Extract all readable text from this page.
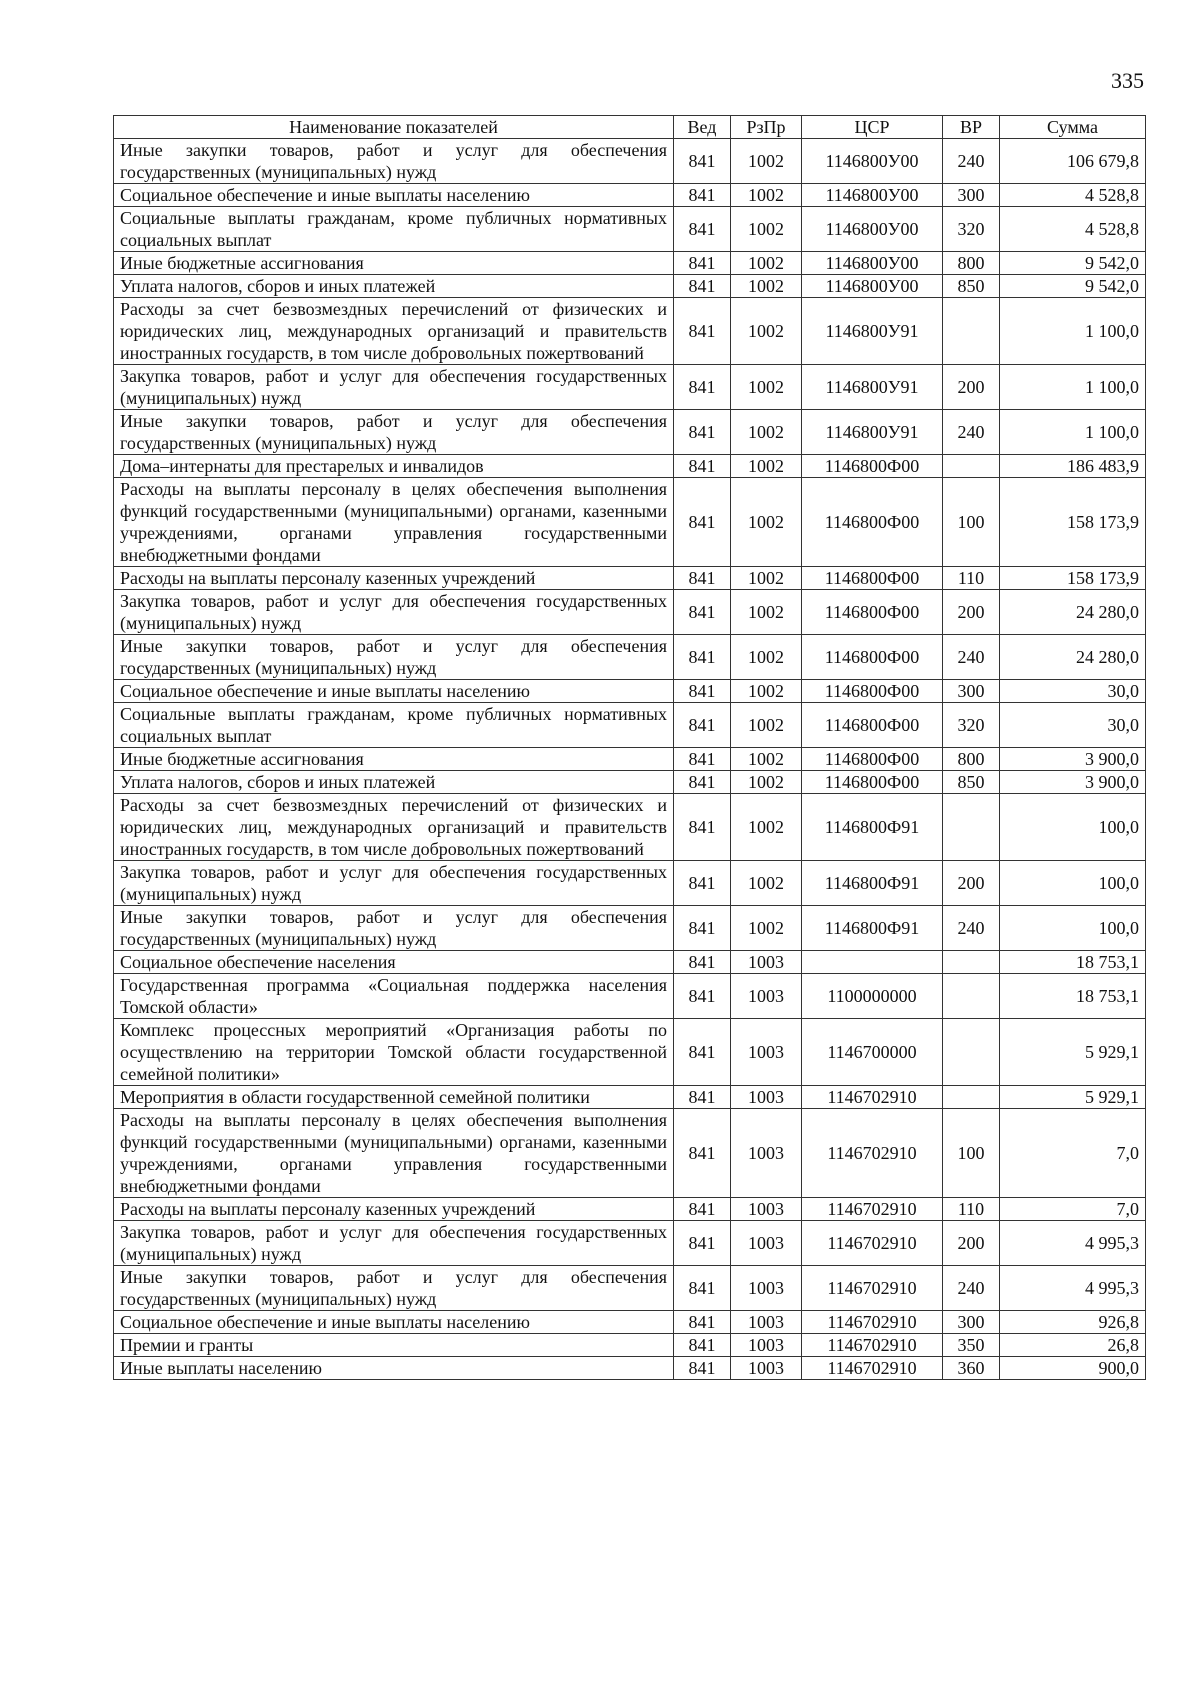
335
Наименование показателей	Вед	РзПр	ЦСР	ВР	Сумма
Иные закупки товаров, работ и услуг для обеспечения государственных (муниципальных) нужд	841	1002	1146800У00	240	106 679,8
Социальное обеспечение и иные выплаты населению	841	1002	1146800У00	300	4 528,8
Социальные выплаты гражданам, кроме публичных нормативных социальных выплат	841	1002	1146800У00	320	4 528,8
Иные бюджетные ассигнования	841	1002	1146800У00	800	9 542,0
Уплата налогов, сборов и иных платежей	841	1002	1146800У00	850	9 542,0
Расходы за счет безвозмездных перечислений от физических и юридических лиц, международных организаций и правительств иностранных государств, в том числе добровольных пожертвований	841	1002	1146800У91		1 100,0
Закупка товаров, работ и услуг для обеспечения государственных (муниципальных) нужд	841	1002	1146800У91	200	1 100,0
Иные закупки товаров, работ и услуг для обеспечения государственных (муниципальных) нужд	841	1002	1146800У91	240	1 100,0
Дома–интернаты для престарелых и инвалидов	841	1002	1146800Ф00		186 483,9
Расходы на выплаты персоналу в целях обеспечения выполнения функций государственными (муниципальными) органами, казенными учреждениями, органами управления государственными внебюджетными фондами	841	1002	1146800Ф00	100	158 173,9
Расходы на выплаты персоналу казенных учреждений	841	1002	1146800Ф00	110	158 173,9
Закупка товаров, работ и услуг для обеспечения государственных (муниципальных) нужд	841	1002	1146800Ф00	200	24 280,0
Иные закупки товаров, работ и услуг для обеспечения государственных (муниципальных) нужд	841	1002	1146800Ф00	240	24 280,0
Социальное обеспечение и иные выплаты населению	841	1002	1146800Ф00	300	30,0
Социальные выплаты гражданам, кроме публичных нормативных социальных выплат	841	1002	1146800Ф00	320	30,0
Иные бюджетные ассигнования	841	1002	1146800Ф00	800	3 900,0
Уплата налогов, сборов и иных платежей	841	1002	1146800Ф00	850	3 900,0
Расходы за счет безвозмездных перечислений от физических и юридических лиц, международных организаций и правительств иностранных государств, в том числе добровольных пожертвований	841	1002	1146800Ф91		100,0
Закупка товаров, работ и услуг для обеспечения государственных (муниципальных) нужд	841	1002	1146800Ф91	200	100,0
Иные закупки товаров, работ и услуг для обеспечения государственных (муниципальных) нужд	841	1002	1146800Ф91	240	100,0
Социальное обеспечение населения	841	1003			18 753,1
Государственная программа «Социальная поддержка населения Томской области»	841	1003	1100000000		18 753,1
Комплекс процессных мероприятий «Организация работы по осуществлению на территории Томской области государственной семейной политики»	841	1003	1146700000		5 929,1
Мероприятия в области государственной семейной политики	841	1003	1146702910		5 929,1
Расходы на выплаты персоналу в целях обеспечения выполнения функций государственными (муниципальными) органами, казенными учреждениями, органами управления государственными внебюджетными фондами	841	1003	1146702910	100	7,0
Расходы на выплаты персоналу казенных учреждений	841	1003	1146702910	110	7,0
Закупка товаров, работ и услуг для обеспечения государственных (муниципальных) нужд	841	1003	1146702910	200	4 995,3
Иные закупки товаров, работ и услуг для обеспечения государственных (муниципальных) нужд	841	1003	1146702910	240	4 995,3
Социальное обеспечение и иные выплаты населению	841	1003	1146702910	300	926,8
Премии и гранты	841	1003	1146702910	350	26,8
Иные выплаты населению	841	1003	1146702910	360	900,0
